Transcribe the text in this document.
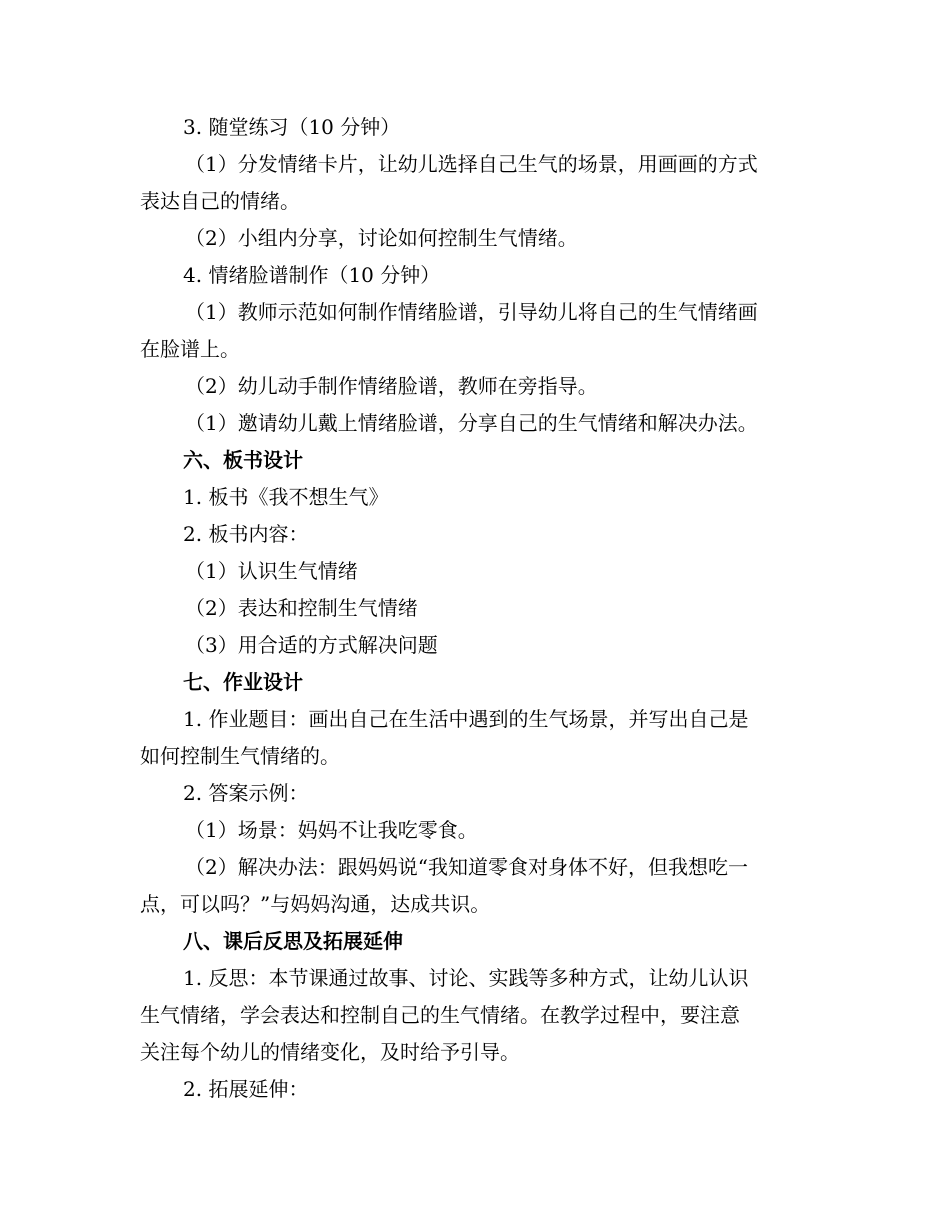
3. 随堂练习（10 分钟）
（1）分发情绪卡片，让幼儿选择自己生气的场景，用画画的方式
表达自己的情绪。
（2）小组内分享，讨论如何控制生气情绪。
4. 情绪脸谱制作（10 分钟）
（1）教师示范如何制作情绪脸谱，引导幼儿将自己的生气情绪画
在脸谱上。
（2）幼儿动手制作情绪脸谱，教师在旁指导。
（1）邀请幼儿戴上情绪脸谱，分享自己的生气情绪和解决办法。
六、板书设计
1. 板书《我不想生气》
2. 板书内容：
（1）认识生气情绪
（2）表达和控制生气情绪
（3）用合适的方式解决问题
七、作业设计
1. 作业题目：画出自己在生活中遇到的生气场景，并写出自己是
如何控制生气情绪的。
2. 答案示例：
（1）场景：妈妈不让我吃零食。
（2）解决办法：跟妈妈说“我知道零食对身体不好，但我想吃一
点，可以吗？”与妈妈沟通，达成共识。
八、课后反思及拓展延伸
1. 反思：本节课通过故事、讨论、实践等多种方式，让幼儿认识
生气情绪，学会表达和控制自己的生气情绪。在教学过程中，要注意
关注每个幼儿的情绪变化，及时给予引导。
2. 拓展延伸：
